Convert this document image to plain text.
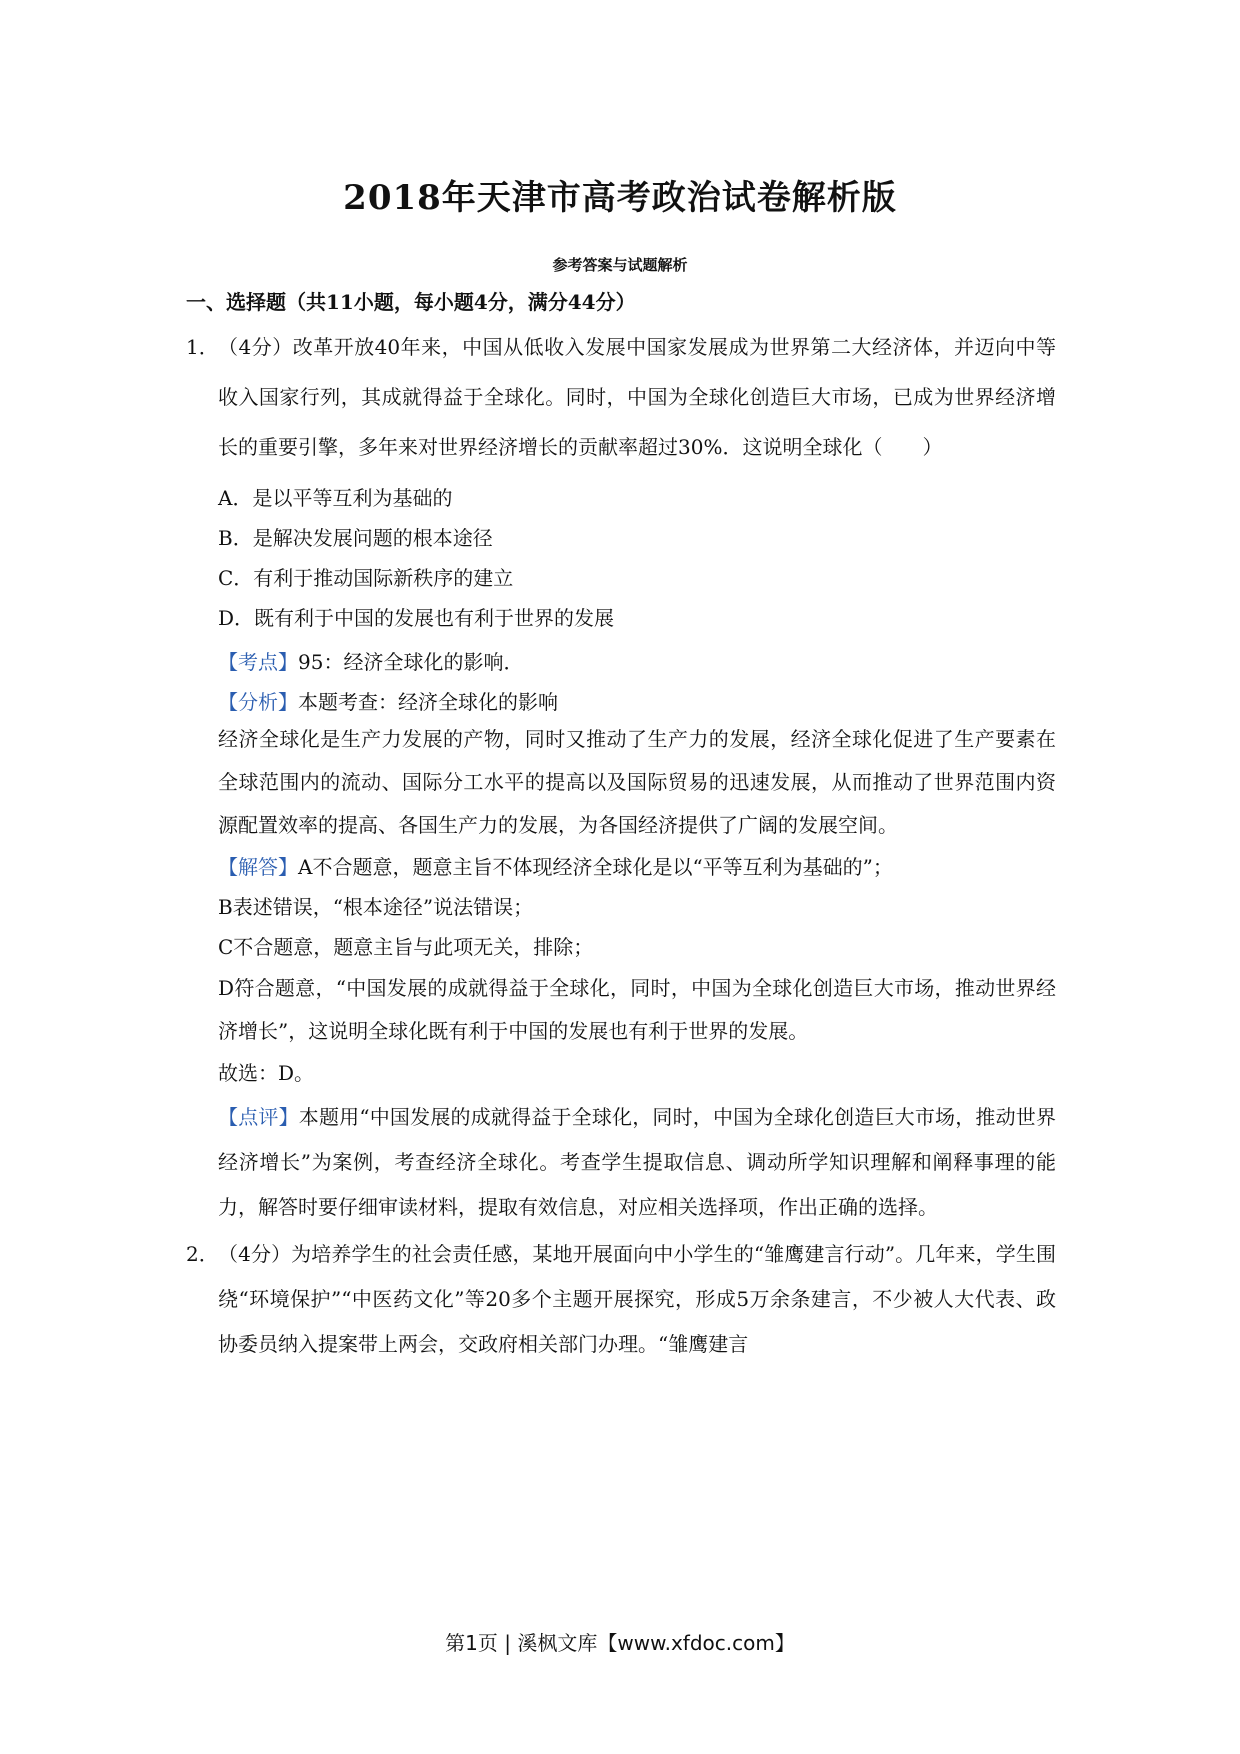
2018年天津市高考政治试卷解析版
参考答案与试题解析
一、选择题（共11小题，每小题4分，满分44分）
1． （4分）改革开放40年来，中国从低收入发展中国家发展成为世界第二大经济体，并迈向中等收入国家行列，其成就得益于全球化。同时，中国为全球化创造巨大市场，已成为世界经济增长的重要引擎，多年来对世界经济增长的贡献率超过30%．这说明全球化（　　）
A．是以平等互利为基础的
B．是解决发展问题的根本途径
C．有利于推动国际新秩序的建立
D．既有利于中国的发展也有利于世界的发展
【考点】95：经济全球化的影响．
【分析】本题考查：经济全球化的影响
经济全球化是生产力发展的产物，同时又推动了生产力的发展，经济全球化促进了生产要素在全球范围内的流动、国际分工水平的提高以及国际贸易的迅速发展，从而推动了世界范围内资源配置效率的提高、各国生产力的发展，为各国经济提供了广阔的发展空间。
【解答】A不合题意，题意主旨不体现经济全球化是以“平等互利为基础的”；
B表述错误，“根本途径”说法错误；
C不合题意，题意主旨与此项无关，排除；
D符合题意，“中国发展的成就得益于全球化，同时，中国为全球化创造巨大市场，推动世界经济增长”，这说明全球化既有利于中国的发展也有利于世界的发展。
故选：D。
【点评】本题用“中国发展的成就得益于全球化，同时，中国为全球化创造巨大市场，推动世界经济增长”为案例，考查经济全球化。考查学生提取信息、调动所学知识理解和阐释事理的能力，解答时要仔细审读材料，提取有效信息，对应相关选择项，作出正确的选择。
2． （4分）为培养学生的社会责任感，某地开展面向中小学生的“雏鹰建言行动”。几年来，学生围绕“环境保护”“中医药文化”等20多个主题开展探究，形成5万余条建言，不少被人大代表、政协委员纳入提案带上两会，交政府相关部门办理。“雏鹰建言
第1页 | 溪枫文库【www.xfdoc.com】
